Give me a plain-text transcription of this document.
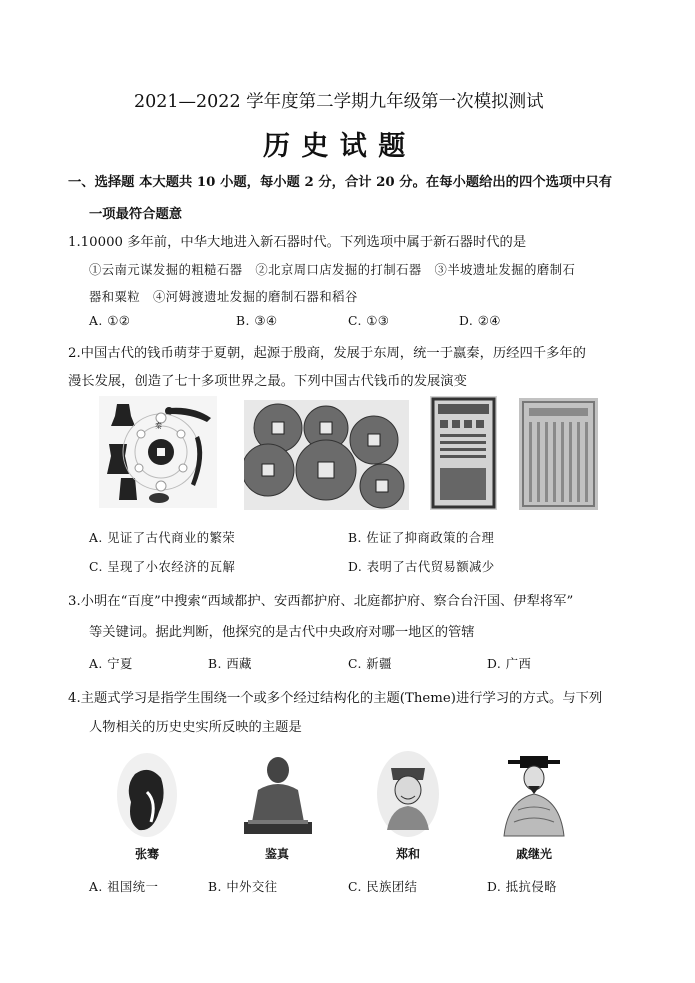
2021—2022 学年度第二学期九年级第一次模拟测试
历 史 试 题
一、选择题 本大题共 10 小题，每小题 2 分，合计 20 分。在每小题给出的四个选项中只有
一项最符合题意
1.10000 多年前，中华大地进入新石器时代。下列选项中属于新石器时代的是
①云南元谋发掘的粗糙石器　②北京周口店发掘的打制石器　③半坡遗址发掘的磨制石
器和粟粒　④河姆渡遗址发掘的磨制石器和稻谷
A. ①②	B. ③④	C. ①③	D. ②④
2.中国古代的钱币萌芽于夏朝，起源于殷商，发展于东周，统一于嬴秦，历经四千多年的
漫长发展，创造了七十多项世界之最。下列中国古代钱币的发展演变
秦
A. 见证了古代商业的繁荣	B. 佐证了抑商政策的合理
C. 呈现了小农经济的瓦解	D. 表明了古代贸易额减少
3.小明在“百度”中搜索“西域都护、安西都护府、北庭都护府、察合台汗国、伊犁将军”
等关键词。据此判断，他探究的是古代中央政府对哪一地区的管辖
A. 宁夏	B. 西藏	C. 新疆	D. 广西
4.主题式学习是指学生围绕一个或多个经过结构化的主题(Theme)进行学习的方式。与下列
人物相关的历史史实所反映的主题是
张骞	鉴真	郑和	戚继光
A. 祖国统一	B. 中外交往	C. 民族团结	D. 抵抗侵略
